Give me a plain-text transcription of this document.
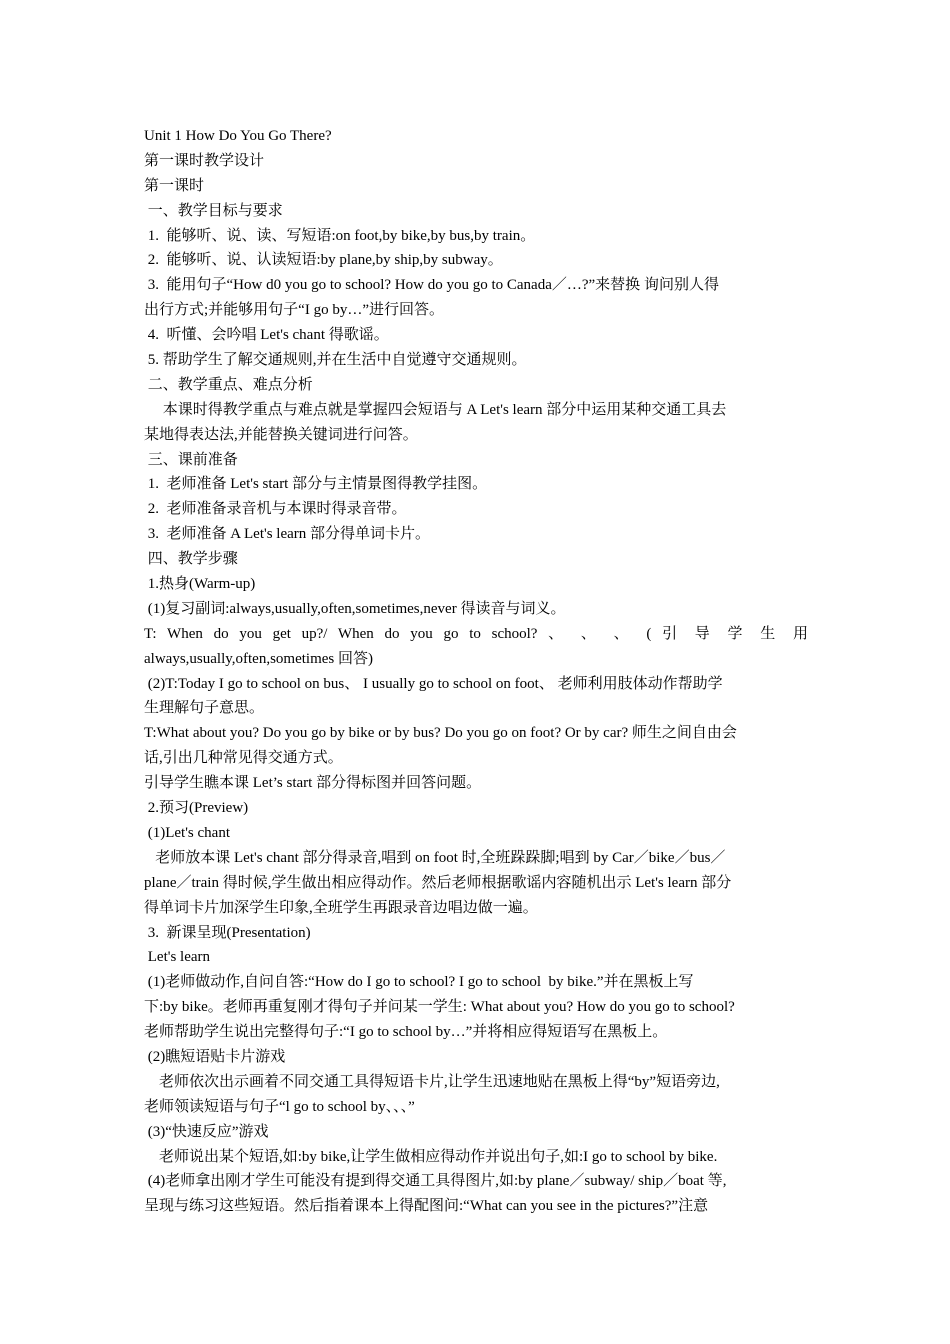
Unit 1 How Do You Go There?
第一课时教学设计
第一课时
一、教学目标与要求
1.  能够听、说、读、写短语:on foot,by bike,by bus,by train。
2.  能够听、说、认读短语:by plane,by ship,by subway。
3.  能用句子“How d0 you go to school? How do you go to Canada／…?”来替换 询问别人得
出行方式;并能够用句子“I go by…”进行回答。
4.  听懂、会吟唱 Let's chant 得歌谣。
5. 帮助学生了解交通规则,并在生活中自觉遵守交通规则。
二、教学重点、难点分析
本课时得教学重点与难点就是掌握四会短语与 A Let's learn 部分中运用某种交通工具去
某地得表达法,并能替换关键词进行问答。
三、课前准备
1.  老师准备 Let's start 部分与主情景图得教学挂图。
2.  老师准备录音机与本课时得录音带。
3.  老师准备 A Let's learn 部分得单词卡片。
四、教学步骤
1.热身(Warm-up)
(1)复习副词:always,usually,often,sometimes,never 得读音与词义。
T: When do you get up?/ When do you go to school? 、 、 、 ( 引 导 学 生 用
always,usually,often,sometimes 回答)
(2)T:Today I go to school on bus、 I usually go to school on foot、 老师利用肢体动作帮助学
生理解句子意思。
T:What about you? Do you go by bike or by bus? Do you go on foot? Or by car? 师生之间自由会
话,引出几种常见得交通方式。
引导学生瞧本课 Let’s start 部分得标图并回答问题。
2.预习(Preview)
(1)Let's chant
老师放本课 Let's chant 部分得录音,唱到 on foot 时,全班跺跺脚;唱到 by Car／bike／bus／
plane／train 得时候,学生做出相应得动作。然后老师根据歌谣内容随机出示 Let's learn 部分
得单词卡片加深学生印象,全班学生再跟录音边唱边做一遍。
3.  新课呈现(Presentation)
Let's learn
(1)老师做动作,自问自答:“How do I go to school? I go to school  by bike.”并在黑板上写
下:by bike。老师再重复刚才得句子并问某一学生: What about you? How do you go to school?
老师帮助学生说出完整得句子:“I go to school by…”并将相应得短语写在黑板上。
(2)瞧短语贴卡片游戏
老师依次出示画着不同交通工具得短语卡片,让学生迅速地贴在黑板上得“by”短语旁边,
老师领读短语与句子“l go to school by、、、”
(3)“快速反应”游戏
老师说出某个短语,如:by bike,让学生做相应得动作并说出句子,如:I go to school by bike.
(4)老师拿出刚才学生可能没有提到得交通工具得图片,如:by plane／subway/ ship／boat 等,
呈现与练习这些短语。然后指着课本上得配图问:“What can you see in the pictures?”注意
